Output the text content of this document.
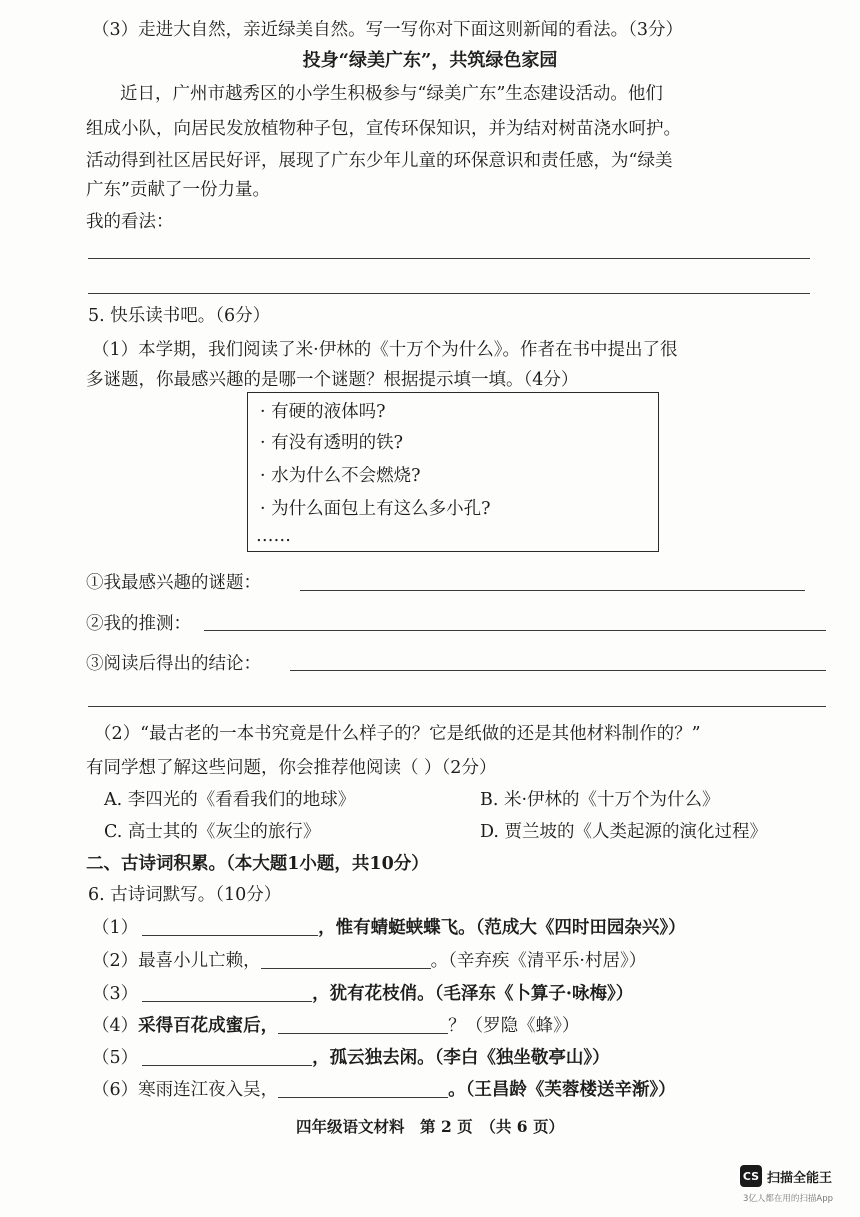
（3）走进大自然，亲近绿美自然。写一写你对下面这则新闻的看法。（3分）
投身“绿美广东”，共筑绿色家园
近日，广州市越秀区的小学生积极参与“绿美广东”生态建设活动。他们
组成小队，向居民发放植物种子包，宣传环保知识，并为结对树苗浇水呵护。
活动得到社区居民好评，展现了广东少年儿童的环保意识和责任感，为“绿美
广东”贡献了一份力量。
我的看法：
5. 快乐读书吧。（6分）
（1）本学期，我们阅读了米·伊林的《十万个为什么》。作者在书中提出了很
多谜题，你最感兴趣的是哪一个谜题？根据提示填一填。（4分）
· 有硬的液体吗?
· 有没有透明的铁?
· 水为什么不会燃烧?
· 为什么面包上有这么多小孔?
……
①我最感兴趣的谜题：
②我的推测：
③阅读后得出的结论：
（2）“最古老的一本书究竟是什么样子的？它是纸做的还是其他材料制作的？”
有同学想了解这些问题，你会推荐他阅读（ ）（2分）
A. 李四光的《看看我们的地球》	B. 米·伊林的《十万个为什么》
C. 高士其的《灰尘的旅行》	D. 贾兰坡的《人类起源的演化过程》
二、古诗词积累。（本大题1小题，共10分）
6. 古诗词默写。（10分）
（1）	，惟有蜻蜓蛱蝶飞。（范成大《四时田园杂兴》）
（2）最喜小儿亡赖，	。（辛弃疾《清平乐·村居》）
（3）	，犹有花枝俏。（毛泽东《卜算子·咏梅》）
（4）采得百花成蜜后，	？（罗隐《蜂》）
（5）	，孤云独去闲。（李白《独坐敬亭山》）
（6）寒雨连江夜入吴，	。（王昌龄《芙蓉楼送辛渐》）
四年级语文材料　第 2 页　（共 6 页）
CS 扫描全能王
3亿人都在用的扫描App
